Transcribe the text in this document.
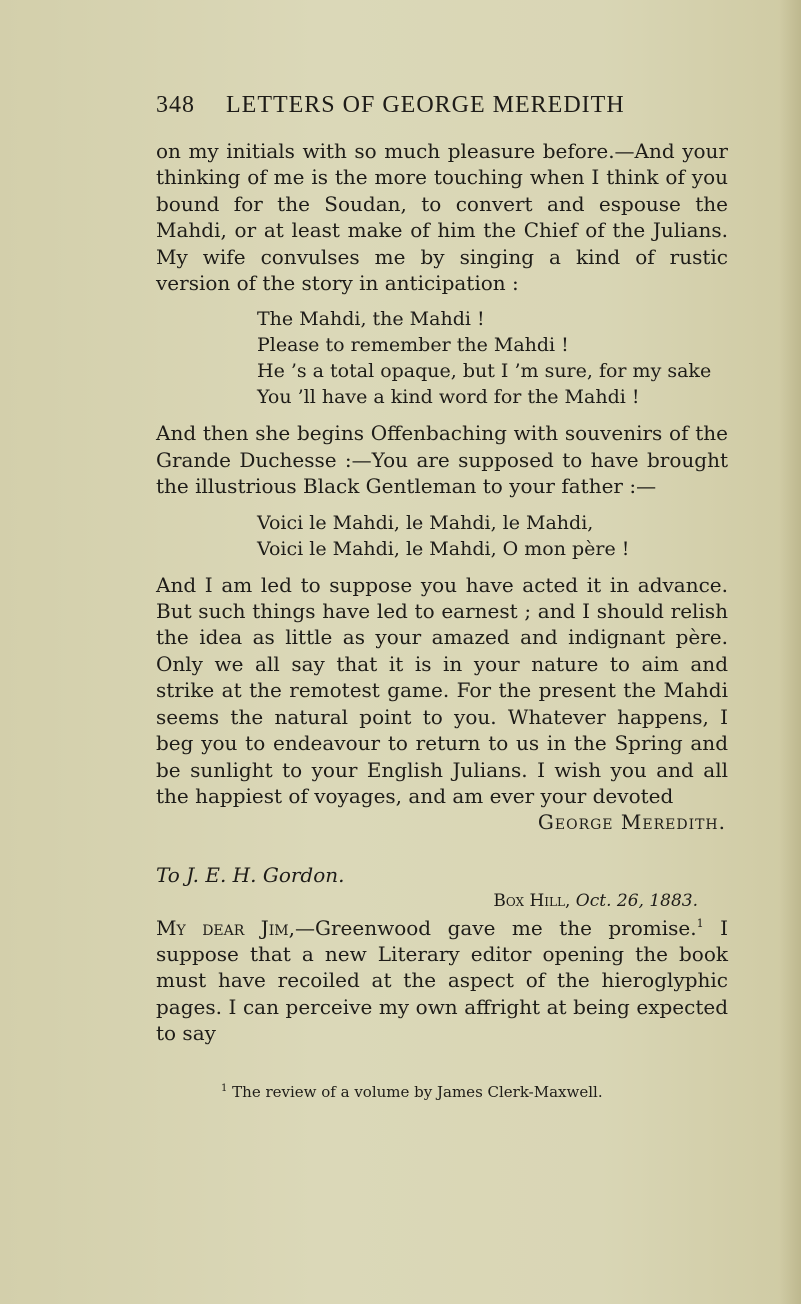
348 LETTERS OF GEORGE MEREDITH

on my initials with so much pleasure before.—And your thinking of me is the more touching when I think of you bound for the Soudan, to convert and espouse the Mahdi, or at least make of him the Chief of the Julians. My wife convulses me by singing a kind of rustic version of the story in anticipation :

The Mahdi, the Mahdi !
Please to remember the Mahdi !
He ’s a total opaque, but I ’m sure, for my sake
You ’ll have a kind word for the Mahdi !

And then she begins Offenbaching with souvenirs of the Grande Duchesse :—You are supposed to have brought the illustrious Black Gentleman to your father :—

Voici le Mahdi, le Mahdi, le Mahdi,
Voici le Mahdi, le Mahdi, O mon père !

And I am led to suppose you have acted it in advance. But such things have led to earnest ; and I should relish the idea as little as your amazed and indignant père. Only we all say that it is in your nature to aim and strike at the remotest game. For the present the Mahdi seems the natural point to you. Whatever happens, I beg you to endeavour to return to us in the Spring and be sunlight to your English Julians. I wish you and all the happiest of voyages, and am ever your devoted

George Meredith.
To J. E. H. Gordon.
Box Hill, Oct. 26, 1883.

My dear Jim,—Greenwood gave me the promise.$^1$ I suppose that a new Literary editor opening the book must have recoiled at the aspect of the hieroglyphic pages. I can perceive my own affright at being expected to say

$^1$ The review of a volume by James Clerk-Maxwell.
